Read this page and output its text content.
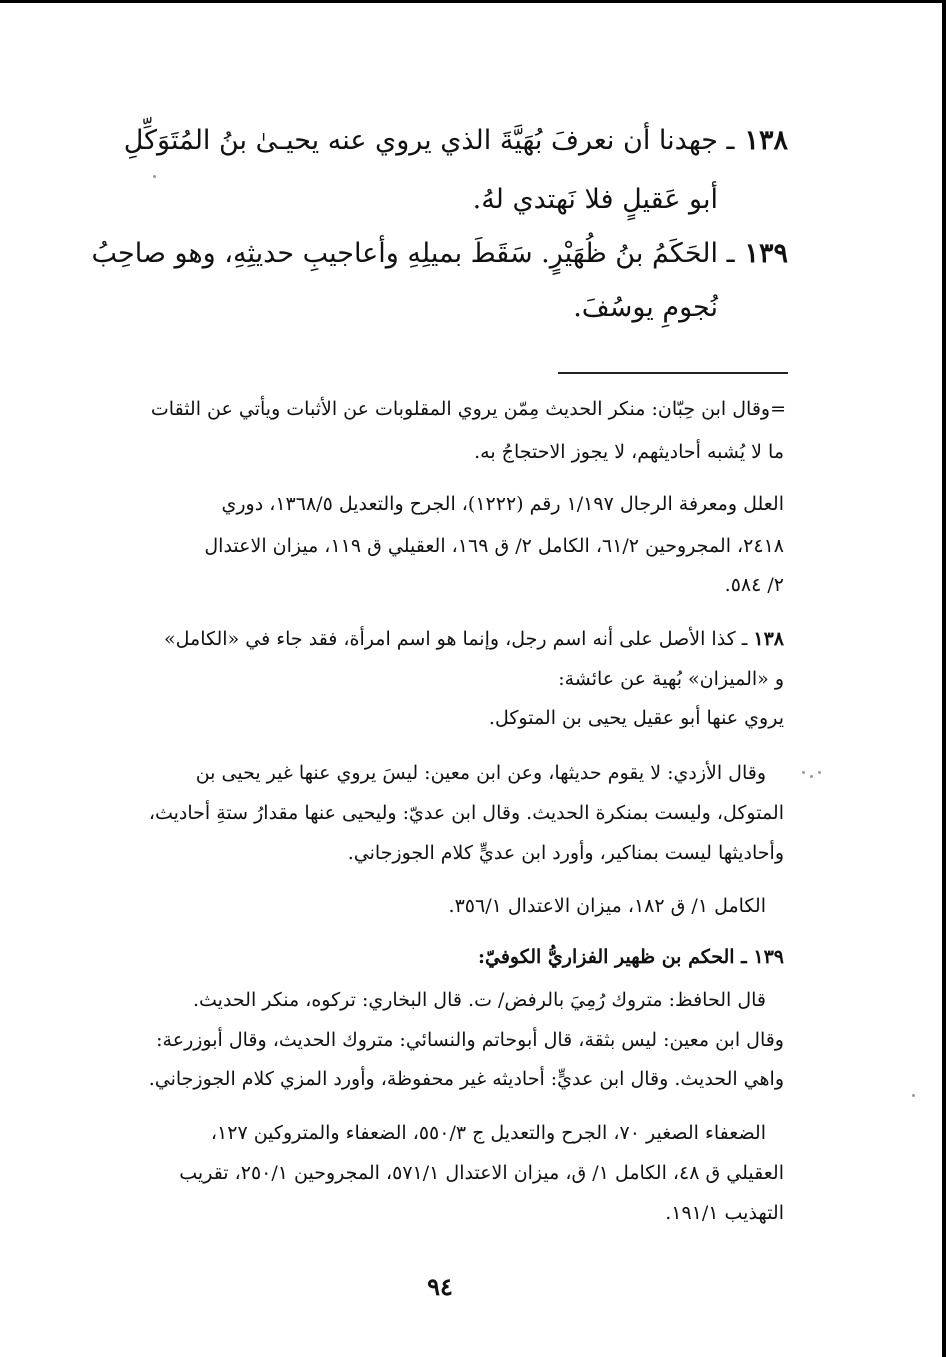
١٣٨ـ جهدنا أن نعرفَ بُهَيَّةَ الذي يروي عنه يحيـىٰ بنُ المُتَوَكِّلِ
أبو عَقيلٍ فلا نَهتدي لهُ.
١٣٩ـ الحَكَمُ بنُ ظُهَيْرٍ. سَقَطَ بميلِهِ وأعاجيبِ حديثِهِ، وهو صاحِبُ
نُجومِ يوسُفَ.
=وقال ابن حِبّان: منكر الحديث مِمّن يروي المقلوبات عن الأثبات ويأتي عن الثقات
ما لا يُشبه أحاديثهم، لا يجوز الاحتجاجُ به.
العلل ومعرفة الرجال ١/١٩٧ رقم (١٢٢٢)، الجرح والتعديل ١٣٦٨/٥، دوري
٢٤١٨، المجروحين ٦١/٢، الكامل ٢/ ق ١٦٩، العقيلي ق ١١٩، ميزان الاعتدال
٢/ ٥٨٤.
١٣٨ ـ كذا الأصل على أنه اسم رجل، وإنما هو اسم امرأة، فقد جاء في «الكامل»
و «الميزان» بُهية عن عائشة:
يروي عنها أبو عقيل يحيى بن المتوكل.
وقال الأزدي: لا يقوم حديثها، وعن ابن معين: ليسَ يروي عنها غير يحيى بن
المتوكل، وليست بمنكرة الحديث. وقال ابن عديّ: وليحيى عنها مقدارُ ستةِ أحاديث،
وأحاديثها ليست بمناكير، وأورد ابن عديٍّ كلام الجوزجاني.
الكامل ١/ ق ١٨٢، ميزان الاعتدال ٣٥٦/١.
١٣٩ ـ الحكم بن ظهير الفزاريُّ الكوفيّ:
قال الحافظ: متروك رُمِيَ بالرفض/ ت. قال البخاري: تركوه، منكر الحديث.
وقال ابن معين: ليس بثقة، قال أبوحاتم والنسائي: متروك الحديث، وقال أبوزرعة:
واهي الحديث. وقال ابن عديٍّ: أحاديثه غير محفوظة، وأورد المزي كلام الجوزجاني.
الضعفاء الصغير ٧٠، الجرح والتعديل ج ٥٥٠/٣، الضعفاء والمتروكين ١٢٧،
العقيلي ق ٤٨، الكامل ١/ ق، ميزان الاعتدال ٥٧١/١، المجروحين ٢٥٠/١، تقريب
التهذيب ١٩١/١.
٩٤
